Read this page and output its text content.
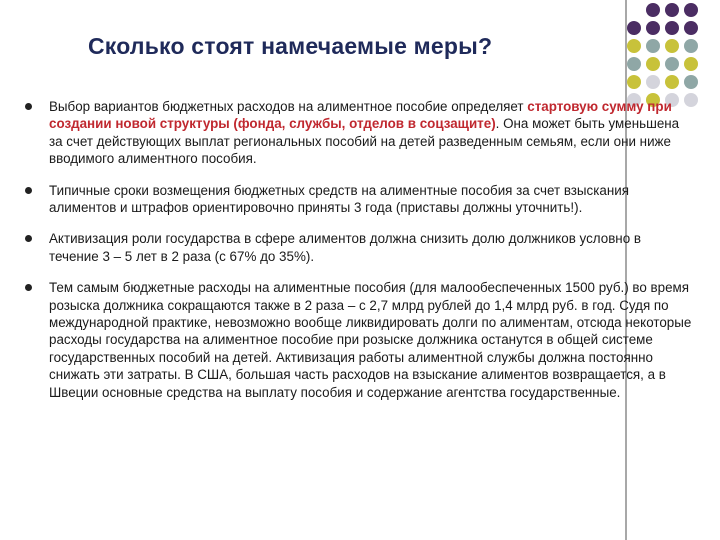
Сколько стоят намечаемые меры?
Выбор вариантов бюджетных расходов на алиментное пособие определяет стартовую сумму при создании новой структуры (фонда, службы, отделов в соцзащите). Она может быть уменьшена за счет действующих выплат региональных пособий на детей разведенным семьям, если они ниже вводимого алиментного пособия.
Типичные сроки возмещения бюджетных средств на алиментные пособия за счет взыскания алиментов и штрафов ориентировочно приняты 3 года (приставы должны уточнить!).
Активизация роли государства в сфере алиментов должна снизить долю должников условно в течение 3 – 5 лет в 2 раза (с 67% до 35%).
Тем самым бюджетные расходы на алиментные пособия (для малообеспеченных 1500 руб.) во время розыска должника сокращаются также в 2 раза – с 2,7 млрд рублей до 1,4 млрд руб. в год. Судя по международной практике, невозможно вообще ликвидировать долги по алиментам, отсюда некоторые расходы государства на алиментное пособие при розыске должника останутся в общей системе государственных пособий на детей. Активизация работы алиментной службы должна постоянно снижать эти затраты. В США, большая часть расходов на взыскание алиментов возвращается, а в Швеции основные средства на выплату пособия и содержание агентства государственные.
